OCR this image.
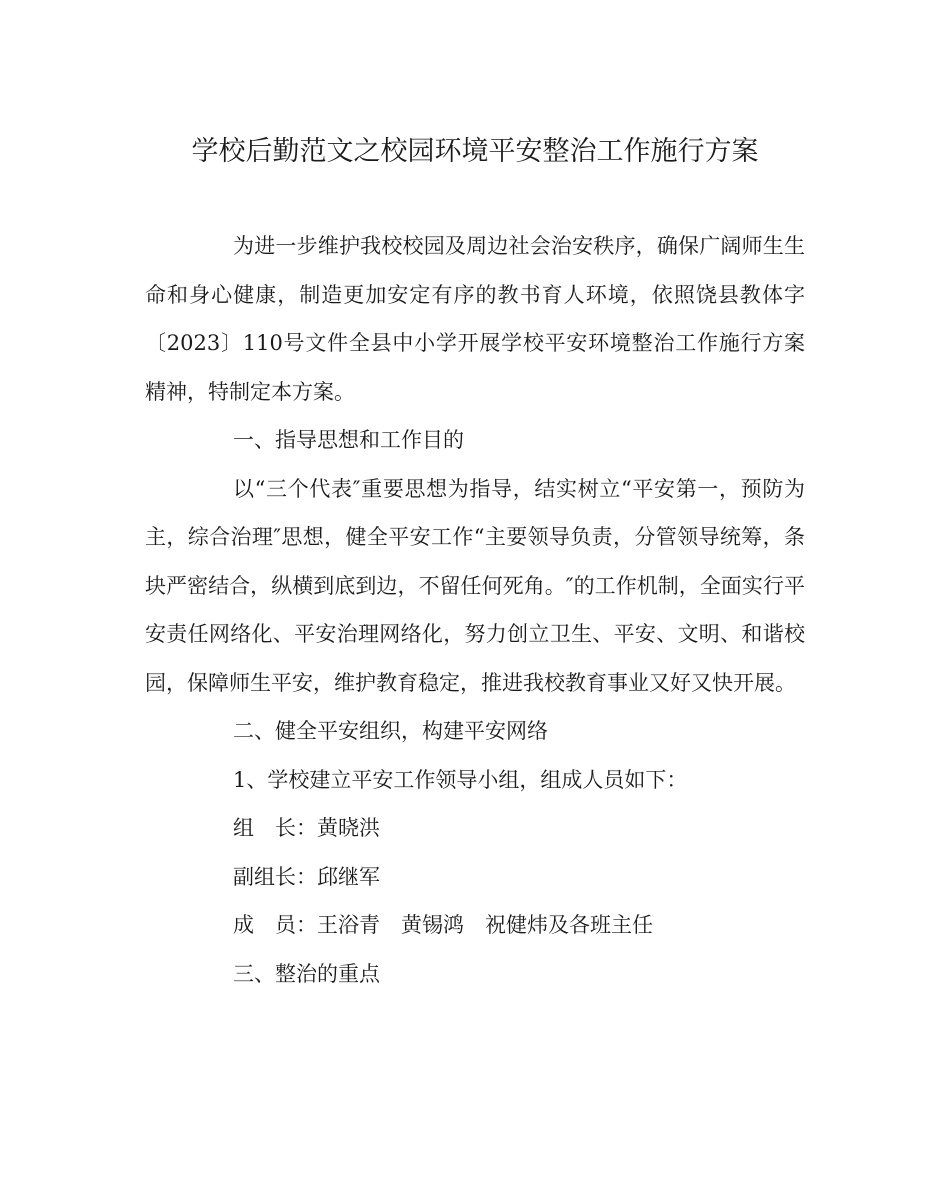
学校后勤范文之校园环境平安整治工作施行方案

为进一步维护我校校园及周边社会治安秩序，确保广阔师生生命和身心健康，制造更加安定有序的教书育人环境，依照饶县教体字〔2023〕110号文件全县中小学开展学校平安环境整治工作施行方案精神，特制定本方案。

一、指导思想和工作目的

以“三个代表″重要思想为指导，结实树立“平安第一，预防为主，综合治理″思想，健全平安工作“主要领导负责，分管领导统筹，条块严密结合，纵横到底到边，不留任何死角。″的工作机制，全面实行平安责任网络化、平安治理网络化，努力创立卫生、平安、文明、和谐校园，保障师生平安，维护教育稳定，推进我校教育事业又好又快开展。

二、健全平安组织，构建平安网络

1、学校建立平安工作领导小组，组成人员如下：

组　长：黄晓洪

副组长：邱继军

成　员：王浴青　黄锡鸿　祝健炜及各班主任

三、整治的重点
